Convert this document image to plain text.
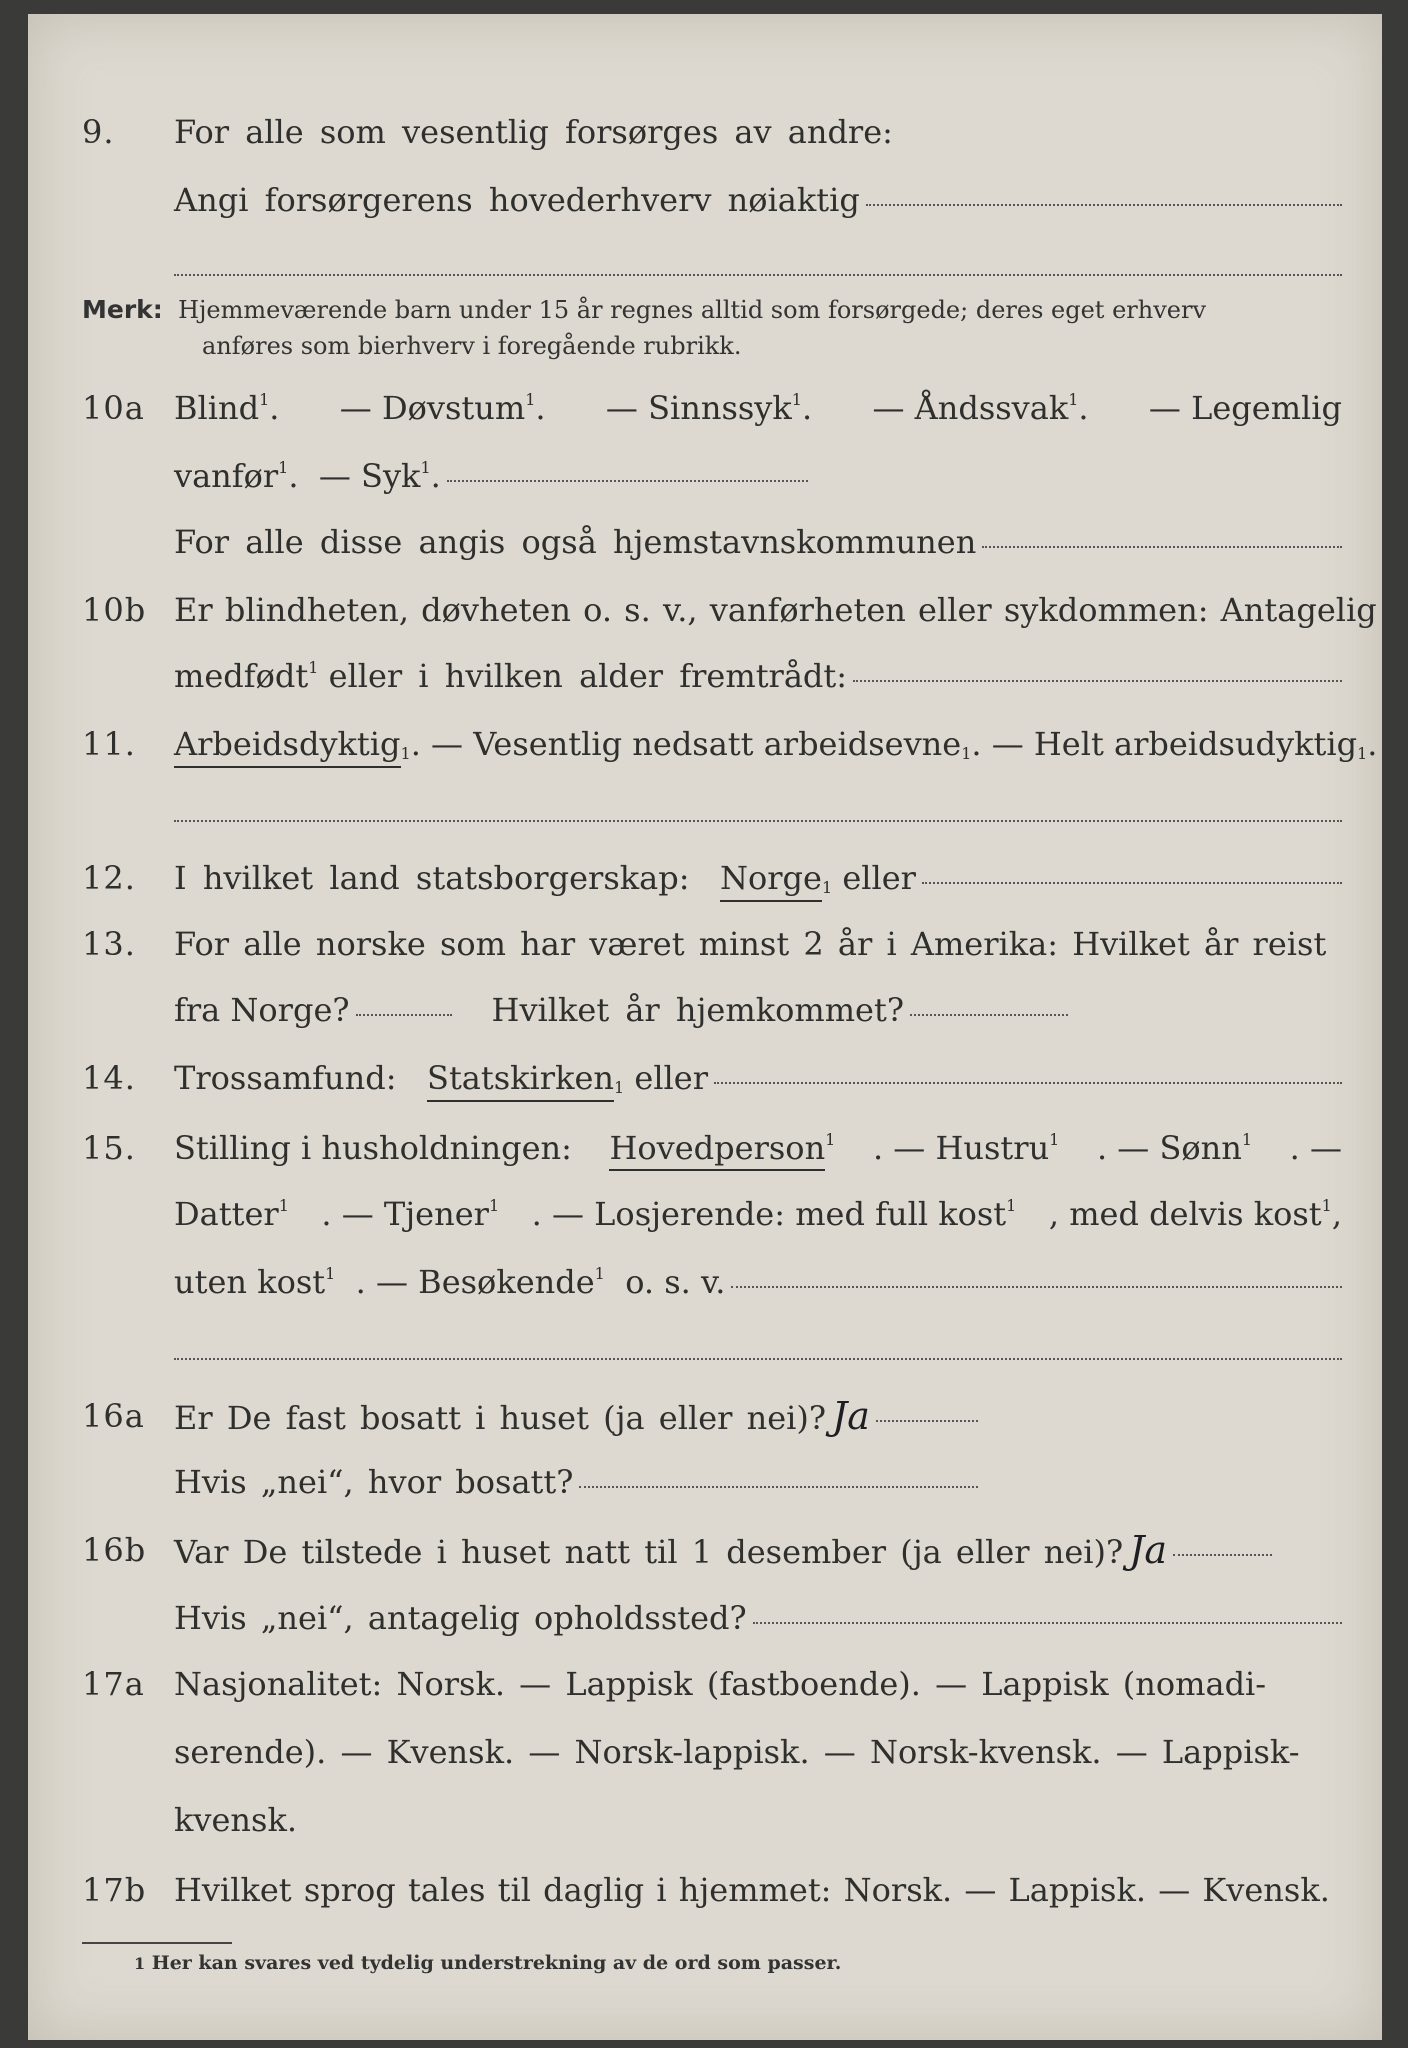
9. For alle som vesentlig forsørges av andre:
Angi forsørgerens hovederhverv nøiaktig
Merk: Hjemmeværende barn under 15 år regnes alltid som forsørgede; deres eget erhverv
anføres som bierhverv i foregående rubrikk.
10a Blind$^1$. — Døvstum$^1$. — Sinnssyk$^1$. — Åndssvak$^1$. — Legemlig
vanfør$^1$.
— Syk$^1$.
For alle disse angis også hjemstavnskommunen
10b Er blindheten, døvheten o. s. v., vanførheten eller sykdommen: Antagelig
medfødt$^1$
eller i hvilken alder fremtrådt:
11. Arbeidsdyktig$^1$ . — Vesentlig nedsatt arbeidsevne$^1$ . — Helt arbeidsudyktig$^1$ .
12. I hvilket land statsborgerskap:
Norge$^1$
eller
13. For alle norske som har været minst 2 år i Amerika: Hvilket år reist
fra Norge?	Hvilket år hjemkommet?
14. Trossamfund:
Statskirken$^1$
eller
15. Stilling i husholdningen: Hovedperson$^1$ . — Hustru$^1$ . — Sønn$^1$ . —
Datter$^1$ . — Tjener$^1$ . — Losjerende: med full kost$^1$ , med delvis kost$^1$,
uten kost$^1$
. — Besøkende$^1$
o. s. v.
16a Er De fast bosatt i huset (ja eller nei)? Ja
Hvis „nei“, hvor bosatt?
16b Var De tilstede i huset natt til 1 desember (ja eller nei)? Ja
Hvis „nei“, antagelig opholdssted?
17a Nasjonalitet: Norsk. — Lappisk (fastboende). — Lappisk (nomadi-
serende). — Kvensk. — Norsk-lappisk. — Norsk-kvensk. — Lappisk-
kvensk.
17b Hvilket sprog tales til daglig i hjemmet: Norsk. — Lappisk. — Kvensk.
$^1$ Her kan svares ved tydelig understrekning av de ord som passer.
